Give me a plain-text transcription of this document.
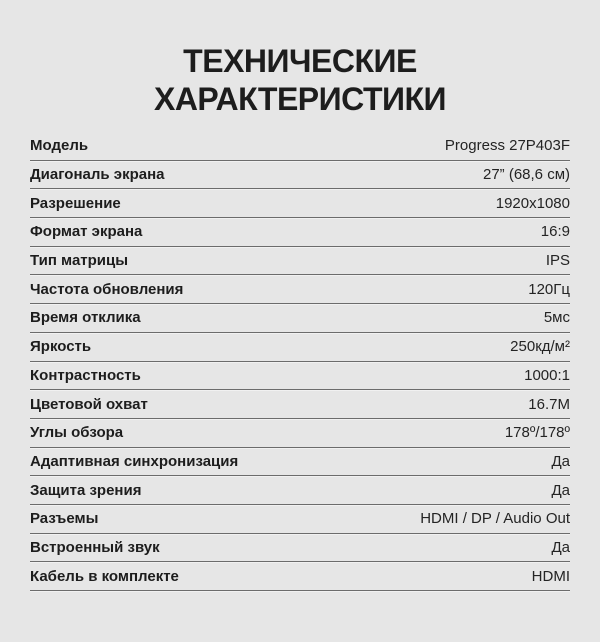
ТЕХНИЧЕСКИЕ
ХАРАКТЕРИСТИКИ
Модель	Progress 27P403F
Диагональ экрана	27” (68,6 см)
Разрешение	1920x1080
Формат экрана	16:9
Тип матрицы	IPS
Частота обновления	120Гц
Время отклика	5мс
Яркость	250кд/м²
Контрастность	1000:1
Цветовой охват	16.7M
Углы обзора	178º/178º
Адаптивная синхронизация	Да
Защита зрения	Да
Разъемы	HDMI / DP / Audio Out
Встроенный звук	Да
Кабель в комплекте	HDMI
